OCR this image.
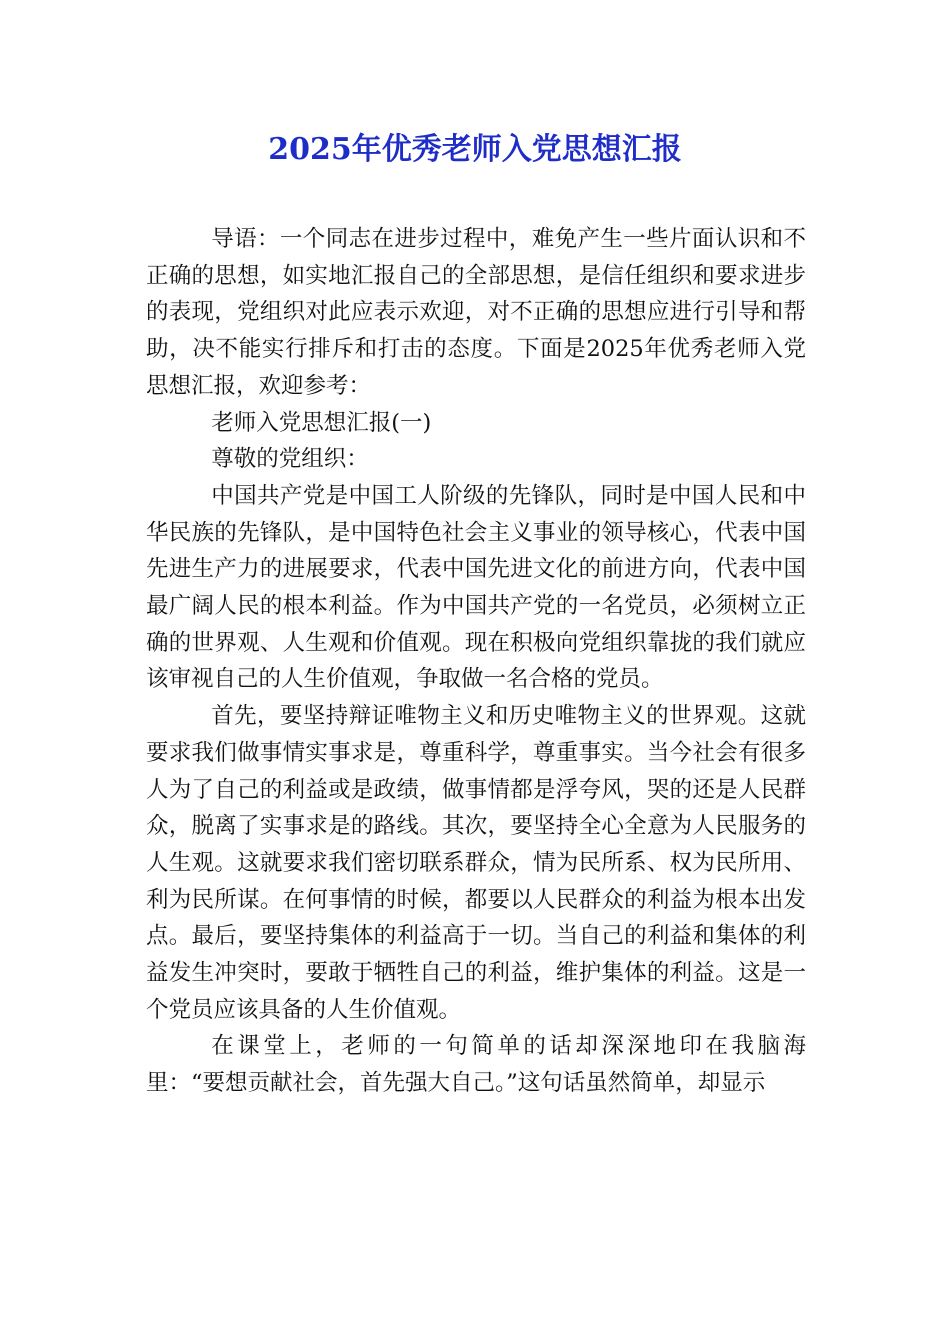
2025年优秀老师入党思想汇报

导语：一个同志在进步过程中，难免产生一些片面认识和不正确的思想，如实地汇报自己的全部思想，是信任组织和要求进步的表现，党组织对此应表示欢迎，对不正确的思想应进行引导和帮助，决不能实行排斥和打击的态度。下面是2025年优秀老师入党思想汇报，欢迎参考：

老师入党思想汇报(一)

尊敬的党组织：

中国共产党是中国工人阶级的先锋队，同时是中国人民和中华民族的先锋队，是中国特色社会主义事业的领导核心，代表中国先进生产力的进展要求，代表中国先进文化的前进方向，代表中国最广阔人民的根本利益。作为中国共产党的一名党员，必须树立正确的世界观、人生观和价值观。现在积极向党组织靠拢的我们就应该审视自己的人生价值观，争取做一名合格的党员。

首先，要坚持辩证唯物主义和历史唯物主义的世界观。这就要求我们做事情实事求是，尊重科学，尊重事实。当今社会有很多人为了自己的利益或是政绩，做事情都是浮夸风，哭的还是人民群众，脱离了实事求是的路线。其次，要坚持全心全意为人民服务的人生观。这就要求我们密切联系群众，情为民所系、权为民所用、利为民所谋。在何事情的时候，都要以人民群众的利益为根本出发点。最后，要坚持集体的利益高于一切。当自己的利益和集体的利益发生冲突时，要敢于牺牲自己的利益，维护集体的利益。这是一个党员应该具备的人生价值观。

在课堂上，老师的一句简单的话却深深地印在我脑海里：“要想贡献社会，首先强大自己。”这句话虽然简单，却显示
